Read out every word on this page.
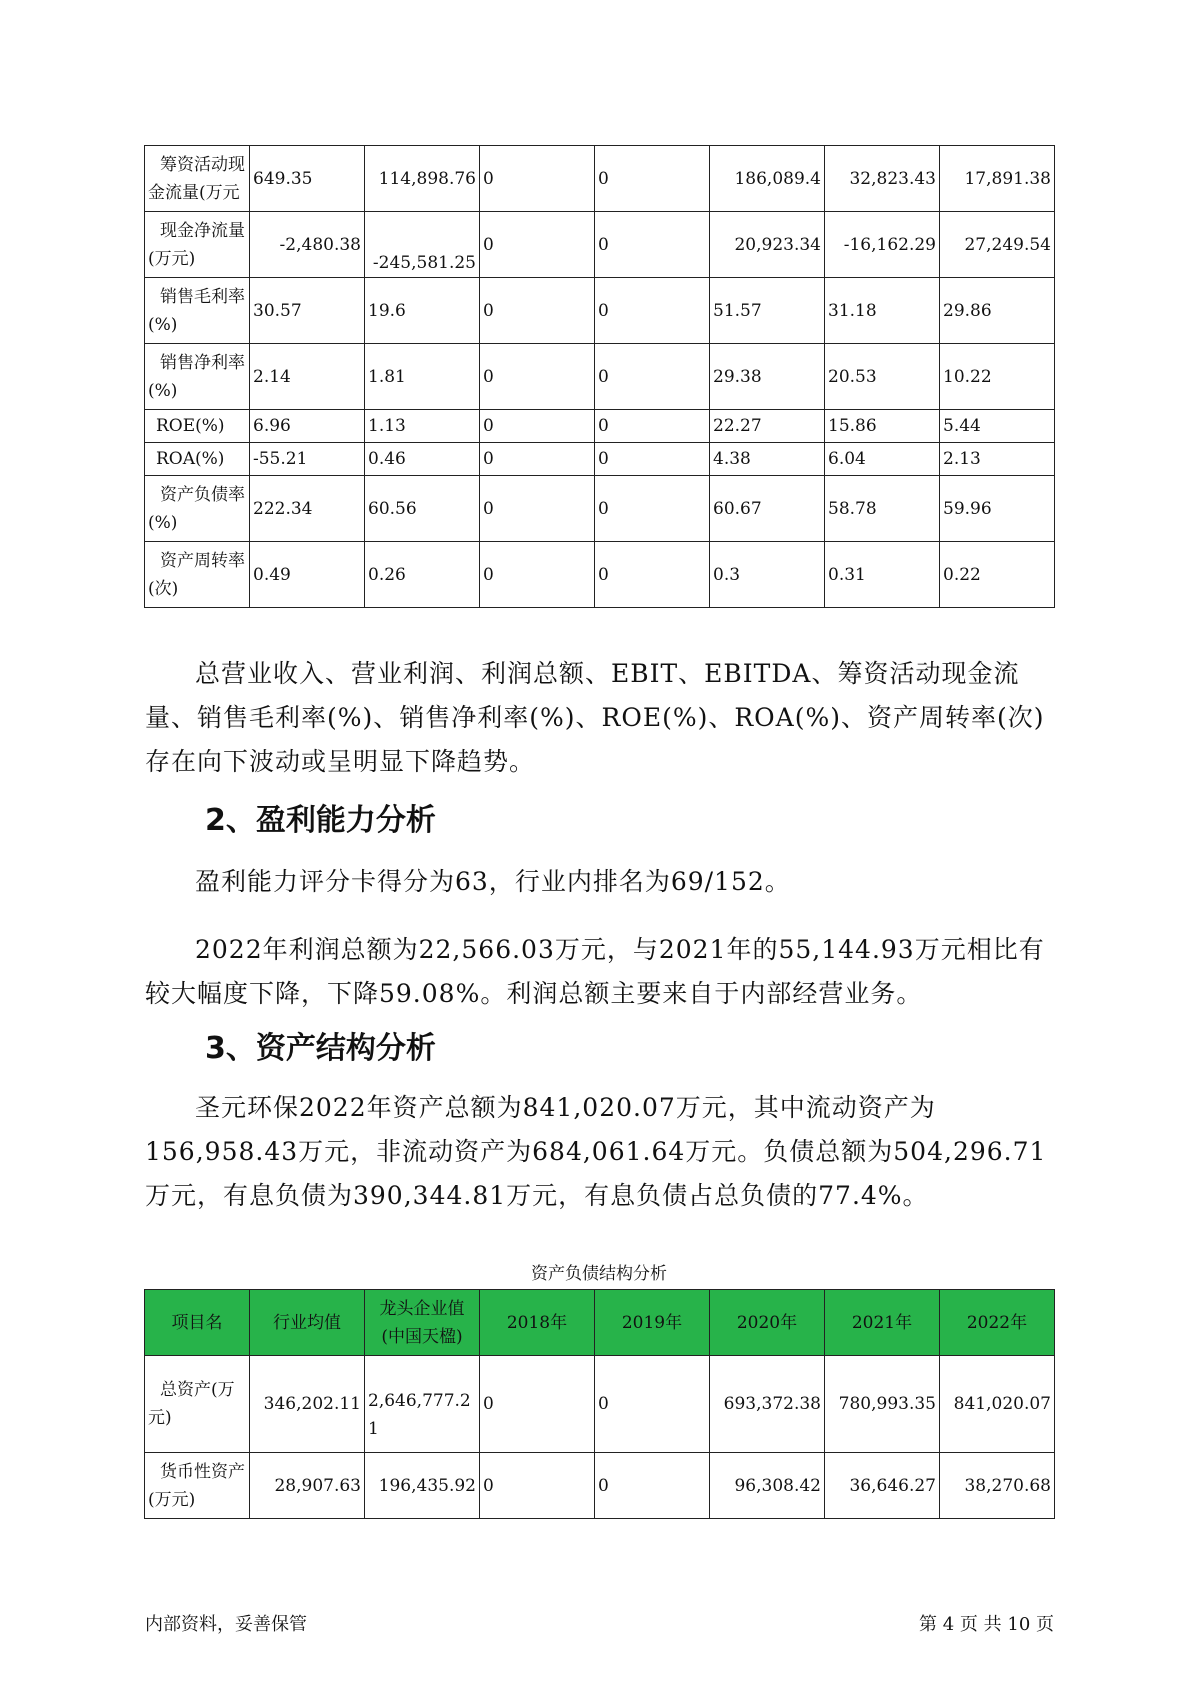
筹资活动现
金流量(万元	649.35	114,898.76	0	0	186,089.4	32,823.43	17,891.38

现金净流量
(万元)	-2,480.38	-245,581.25	0	0	20,923.34	-16,162.29	27,249.54

销售毛利率
(%)	30.57	19.6	0	0	51.57	31.18	29.86

销售净利率
(%)	2.14	1.81	0	0	29.38	20.53	10.22

ROE(%)	6.96	1.13	0	0	22.27	15.86	5.44

ROA(%)	-55.21	0.46	0	0	4.38	6.04	2.13

资产负债率
(%)	222.34	60.56	0	0	60.67	58.78	59.96

资产周转率
(次)	0.49	0.26	0	0	0.3	0.31	0.22

总营业收入、营业利润、利润总额、EBIT、EBITDA、筹资活动现金流量、销售毛利率(%)、销售净利率(%)、ROE(%)、ROA(%)、资产周转率(次)存在向下波动或呈明显下降趋势。

2、盈利能力分析

盈利能力评分卡得分为63，行业内排名为69/152。

2022年利润总额为22,566.03万元，与2021年的55,144.93万元相比有较大幅度下降，下降59.08%。利润总额主要来自于内部经营业务。

3、资产结构分析

圣元环保2022年资产总额为841,020.07万元，其中流动资产为156,958.43万元，非流动资产为684,061.64万元。负债总额为504,296.71万元，有息负债为390,344.81万元，有息负债占总负债的77.4%。

资产负债结构分析
项目名	行业均值	龙头企业值(中国天楹)	2018年	2019年	2020年	2021年	2022年

总资产(万
元)	346,202.11	2,646,777.21	0	0	693,372.38	780,993.35	841,020.07

货币性资产
(万元)	28,907.63	196,435.92	0	0	96,308.42	36,646.27	38,270.68
内部资料，妥善保管	第 4 页 共 10 页
